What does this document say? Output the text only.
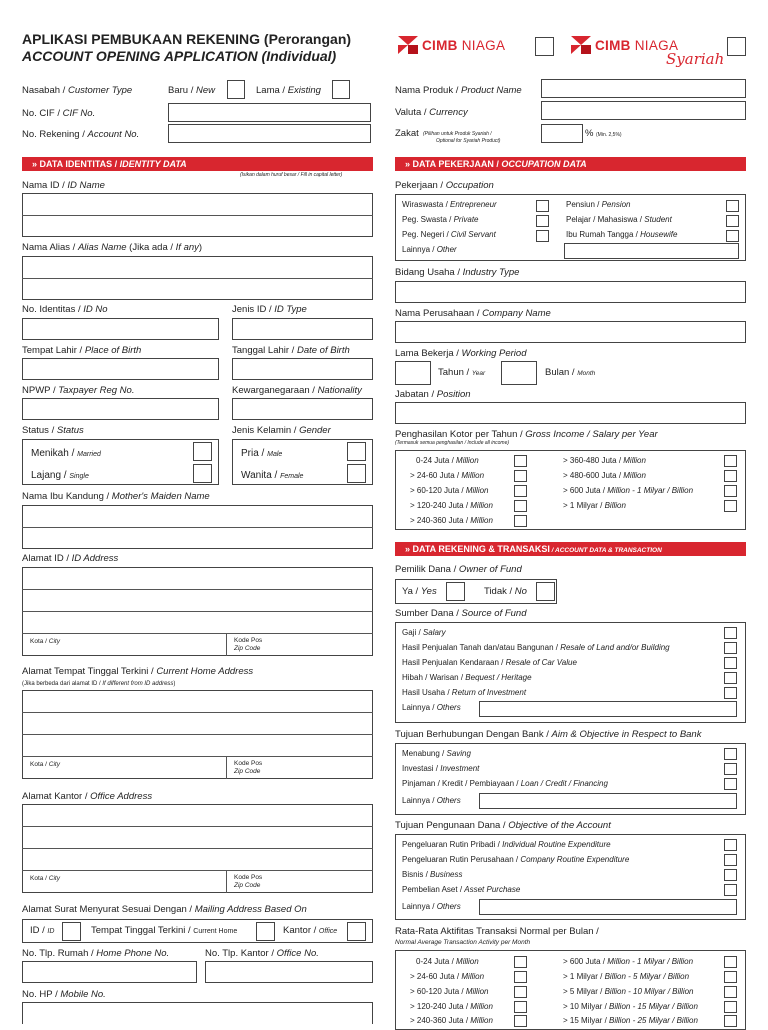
APLIKASI PEMBUKAAN REKENING (Perorangan)
ACCOUNT OPENING APPLICATION (Individual)
CIMB NIAGA	CIMB NIAGA
Syariah
Nasabah / Customer Type	Baru / New	Lama / Existing
No. CIF / CIF No.
No. Rekening / Account No.
Nama Produk / Product Name
Valuta / Currency
Zakat (Pilihan untuk Produk Syariah /
Optional for Syariah Product)
% (Min. 2,5%)
» DATA IDENTITAS / IDENTITY DATA
(Isikan dalam huruf besar / Fill in capital letter)
Nama ID / ID Name
Nama Alias / Alias Name (Jika ada / If any)
No. Identitas / ID No	Jenis ID / ID Type
Tempat Lahir / Place of Birth	Tanggal Lahir / Date of Birth
NPWP / Taxpayer Reg No.	Kewarganegaraan / Nationality
Status / Status
Menikah / Married
Lajang / Single
Jenis Kelamin / Gender
Pria / Male
Wanita / Female
Nama Ibu Kandung / Mother's Maiden Name
Alamat ID / ID Address
Kota / City	Kode Pos
Zip Code
Alamat Tempat Tinggal Terkini / Current Home Address
(Jika berbeda dari alamat ID / If different from ID address)
Kota / City	Kode Pos
Zip Code
Alamat Kantor / Office Address
Kota / City	Kode Pos
Zip Code
Alamat Surat Menyurat Sesuai Dengan / Mailing Address Based On
ID / ID	Tempat Tinggal Terkini / Current Home	Kantor / Office
No. Tlp. Rumah / Home Phone No.	No. Tlp. Kantor / Office No.
No. HP / Mobile No.
» DATA PEKERJAAN / OCCUPATION DATA
Pekerjaan / Occupation
Wiraswasta / Entrepreneur
Peg. Swasta / Private
Peg. Negeri / Civil Servant
Lainnya / Other
Pensiun / Pension
Pelajar / Mahasiswa / Student
Ibu Rumah Tangga / Housewife
Bidang Usaha / Industry Type
Nama Perusahaan / Company Name
Lama Bekerja / Working Period
Tahun / Year	Bulan / Month
Jabatan / Position
Penghasilan Kotor per Tahun / Gross Income / Salary per Year
(Termasuk semua penghasilan / Include all income)
0-24 Juta / Million
> 24-60 Juta / Million
> 60-120 Juta / Million
> 120-240 Juta / Million
> 240-360 Juta / Million
> 360-480 Juta / Million
> 480-600 Juta / Million
> 600 Juta / Million - 1 Milyar / Billion
> 1 Milyar / Billion
» DATA REKENING & TRANSAKSI / ACCOUNT DATA & TRANSACTION
Pemilik Dana / Owner of Fund
Ya / Yes	Tidak / No
Sumber Dana / Source of Fund
Gaji / Salary
Hasil Penjualan Tanah dan/atau Bangunan / Resale of Land and/or Building
Hasil Penjualan Kendaraan / Resale of Car Value
Hibah / Warisan / Bequest / Heritage
Hasil Usaha / Return of Investment
Lainnya / Others
Tujuan Berhubungan Dengan Bank / Aim & Objective in Respect to Bank
Menabung / Saving
Investasi / Investment
Pinjaman / Kredit / Pembiayaan / Loan / Credit / Financing
Lainnya / Others
Tujuan Pengunaan Dana / Objective of the Account
Pengeluaran Rutin Pribadi / Individual Routine Expenditure
Pengeluaran Rutin Perusahaan / Company Routine Expenditure
Bisnis / Business
Pembelian Aset / Asset Purchase
Lainnya / Others
Rata-Rata Aktifitas Transaksi Normal per Bulan /
Normal Average Transaction Activity per Month
0-24 Juta / Million
> 24-60 Juta / Million
> 60-120 Juta / Million
> 120-240 Juta / Million
> 240-360 Juta / Million
> 600 Juta / Million - 1 Milyar / Billion
> 1 Milyar / Billion - 5 Milyar / Billion
> 5 Milyar / Billion - 10 Milyar / Billion
> 10 Milyar / Billion - 15 Milyar / Billion
> 15 Milyar / Billion - 25 Milyar / Billion
